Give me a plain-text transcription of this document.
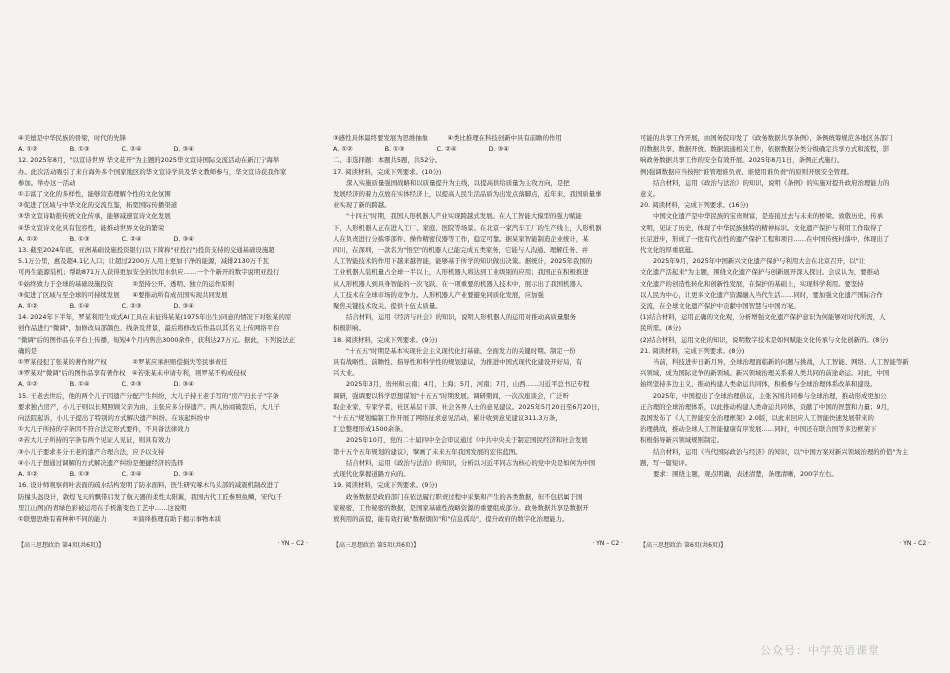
④美德是中华民族的骨梁，时代的先锋

A. ①②　　　　　B. ①③　　　　　C. ②④　　　　　D. ③④

12. 2025年8月，"以宣诗世界 华文花开"为主题的2025华文宣诗国际交流活动在新江宁海举

办。此次活动吸引了来自海外多个国家地区的华文宣诗学员及华文教师参与，华文宣诗获我作家

参加。举办这一活动

①丰富了文化的多样性，能够营造理解个性的文化氛围

②促进了区域与中华文化的交流互鉴，拓宽国际传播渠道

③华文宣诗助推传统文化传承，能够减速宣诗文化发展

④华文宣诗文化具有包容性，能推动世界文化的繁荣

A. ①②　　　　　B. ①③　　　　　C. ②④　　　　　D. ③④

13. 截至2024年底，亚洲基础设施投资银行(以下简称"亚投行")投资支持的交通基础设施超

5.1万公里，惠及超4.1亿人口；让超过2200万人用上更加干净的能源，减排2130万千瓦

可再生能源装机；帮助871万人获得更加安全的饮用水供应……一个个新开的数字说明亚投行

①始终致力于全球的基础设施投资　　　②坚持公开、透明、独立的运作原则

③促进了区域与至全球的可持续发展　　④要推动所有成员国实现共同发展

A. ①②　　　　　B. ①④　　　　　C. ②③　　　　　D. ③④

14. 2024年下半年，罗某利用生成式AI工具在未征得某某(1975年出生)同意的情况下对张某的原

创作品进行"微调"，加修改局部颜色、线条及背景，最后将修改后作品以其名义上传网络平台

"微调"后的图作品在平台上传播，短短4个月内售出3000余件，获利达27万元。据此，下列说法正

确的是

①罗某侵犯了张某的著作财产权　　　　②罗某应承担赔偿损失等民事责任

③罗某对"微调"后的图作品享有著作权　④若张某未申请专利，则罗某不构成侵权

A. ①②　　　　　B. ①④　　　　　C. ②③　　　　　D. ③④

15. 王老去世后，他的两个儿子因遗产分配产生纠纷，大儿子持王老手写的"房产归长子"字条

要求独占房产，小儿子则以长期照顾父亲为由，主张应多分得遗产。两人协商破裂后，大儿子

向法院起诉，小儿子提出了特别的方式解决遗产纠纷。在该起纠纷中

①大儿子所持的字条因不符合法定形式要件，不具备法律效力

②若大儿子所持的字条有两个见证人见证，则具有效力

③小儿子要求多分王老的遗产合理合法，应予以支持

④小儿子想通过调解的方式解决遗产纠纷是便捷经济的选择

A. ①②　　　　　B. ①③　　　　　C. ②④　　　　　D. ③④

16. 设计师观察荷叶表面的疏水结构发明了防水面料，医生研究啄木鸟头部的减震机制改进了

防撞头盔设计，敦煌飞天的飘带启发了航天器的柔性太阳翼，我国古代工匠参照鱼鳞，宋代(千

里江山图)的青绿色彩被运用在手机渐变色工艺中……这说明

①联想思维有着种种不同的能力　　　　②演绎推理有助于揭示事物本质

③感性具体最终要发展为思维抽象　　　④类比推理在科技创新中具有前瞻的作用

A. ①②　　　　　B. ①③　　　　　C. ②④　　　　　D. ③④

二、非选择题：本题共5题，共52分。

17. 阅读材料，完成下列要求。(10分)

深入实施质量强国战略和以质量提升为主线，以提高供给质量为主攻方向，是把

发展经济的着力点放在实体经济上，以提高人民生活品质为出发点落脚点，近年来，我国质量事

业实现了新的跨越。

"十四五"时期，我国人形机器人产业实现跨越式发展。在人工智能大模型的强力赋能

下，人形机器人正在进入工厂、家庭、医院等场景。在北京一家汽车工厂的生产线上，人形机器

人在负责进行分拣零部件、操作精密仪器等工作，稳定可靠。据某家智能制造企业统计，某

四川，在深圳，一款名为"悟空"的机器人已能完成五类家务，它能与人沟通、理解任务、并

人工智能技术的作用下越来越智能，能够基于所学的知识做出决策。据统计，2025年我国的

工业机器人装机量占全球一半以上，人形机器人将达到工业级别的应用；我国正在积极推进

从人形机器人到具身智能的一次飞跃。在一项重要的机器人技术中，展示出了我国机器人

人工技术在全球市场的竞争力。人形机器人产业要避免同质化发展，应加强

聚焦关键技术攻关、提供十伍太质量。

结合材料，运用《经济与社会》的知识，说明人形机器人的运用对推动高质量服务

积极影响。

18. 阅读材料，完成下列要求。(9分)

"十五五"时期是基本实现社会主义现代化打基础、全面发力的关键时期。制定一份

具有战略性、前瞻性、指导性和科学性的规划建议，为推进中国式现代化建设开好局，有

兴大业。

2025年3月，贵州和云南；4月，上海；5月，河南；7月，山西……习近平总书记专程

调研，强调要以科学思想谋划"十五五"时期发展。调研期间，一次次座谈会，广泛听

取企业家、专家学者、社区基层干部、社会各界人士的意见建议。2025年5月20日至6月20日，

"十五五"规划编制工作开展了网络征求意见活动，累计收到意见建议311.3万条，

汇总整理形成1500余条。

2025年10月，党的二十届四中全会审议通过《中共中央关于制定国民经济和社会发展

第十五个五年规划的建议》，擘画了未来五年我国发展的宏伟蓝图。

结合材料，运用《政治与法治》的知识，分析以习近平同志为核心的党中央是如何为中国

式现代化掌握道路方向的。

19. 阅读材料，完成下列要求。(9分)

政务数据是政府部门在依法履行职责过程中采集和产生的各类数据，但不包括属于国

家秘密、工作秘密的数据，是国家基础性战略资源的重要组成部分。政务数据共享是数据开

放利用的前提，能有效打破"数据烟囱"和"信息孤岛"，提升政府的数字化治理能力。

可能的共享工作开展，由国务院印发了《政务数据共享条例》，条例统筹规范各地区各部门

的数据共享、数据开放、数据流通相关工作，依据数据分类分级确定共享方式和流程，影

响政务数据共享工作的安全有效开展。2025年8月1日，条例正式施行。

例)强调数据应当按照"谁管理谁负责、谁使用谁负责"的原则开展安全管理。

结合材料，运用《政治与法治》的知识，说明《条例》的实施对提升政府治理能力的

意义。

20. 阅读材料，完成下列要求。(16分)

中国文化遗产是中华民族的宝贵财富，是连接过去与未来的桥梁。致敬历史，传承

文明，见证了历史，体现了中华民族独特的精神标识。文化遗产保护与利用工作取得了

长足进步，形成了一批有代表性的遗产保护工程和项目……在中国传统村落中，体现出了

代文化的厚重底蕴。

2025年9月，2025年中国新兴文化遗产保护与利用大会在北京召开，以"让

文化遗产活起来"为主题，围绕文化遗产保护与创新展开深入探讨。会议认为，要推动

文化遗产的创造性转化和创新性发展，在保护的基础上，实现科学利用。要坚持

以人民为中心，让更多文化遗产资源融入当代生活……同时，要加强文化遗产国际合作

交流，在全球文化遗产保护中贡献中国智慧与中国方案。

(1)结合材料，运用正确的文化观，分析增强文化遗产保护意识为何能够对时代所需，人

民所需。(8分)

(2)结合材料，运用文化的知识，说明数字技术是如何赋能文化传承与文化创新的。(8分)

21. 阅读材料，完成下列要求。(8分)

当前，科技进步日新月异，全球治理面临新的问题与挑战，人工智能、网络、人工智能等新

兴领域，成为国际竞争的新领域。新兴领域治理关系着人类共同的前途命运。对此，中国

始终坚持多边主义，推动构建人类命运共同体，积极参与全球治理体系改革和建设。

2025年，中国提出了全球治理倡议，主张各国共同参与全球治理，推动形成更加公

正合理的全球治理体系，以此推动构建人类命运共同体，贡献了中国的智慧和力量；9月，

我国发布了《人工智能安全治理框架》2.0版，以此来回应人工智能快速发展带来的

治理挑战，推动全球人工智能健康有序发展……同时，中国还在联合国等多边框架下

积极倡导新兴领域规则制定。

结合材料，运用《当代国际政治与经济》的知识，以"中国方案对新兴领域治理的价值"为主

题，写一篇短评。

要求：围绕主题，观点明确，表述清楚，条理清晰，200字左右。

【高三思想政治 第4页(共6页)】	· YN – C2 ·	【高三思想政治 第5页(共6页)】	· YN – C2 ·	【高三思想政治 第6页(共6页)】	· YN – C2 ·
公众号：中学英语课堂
